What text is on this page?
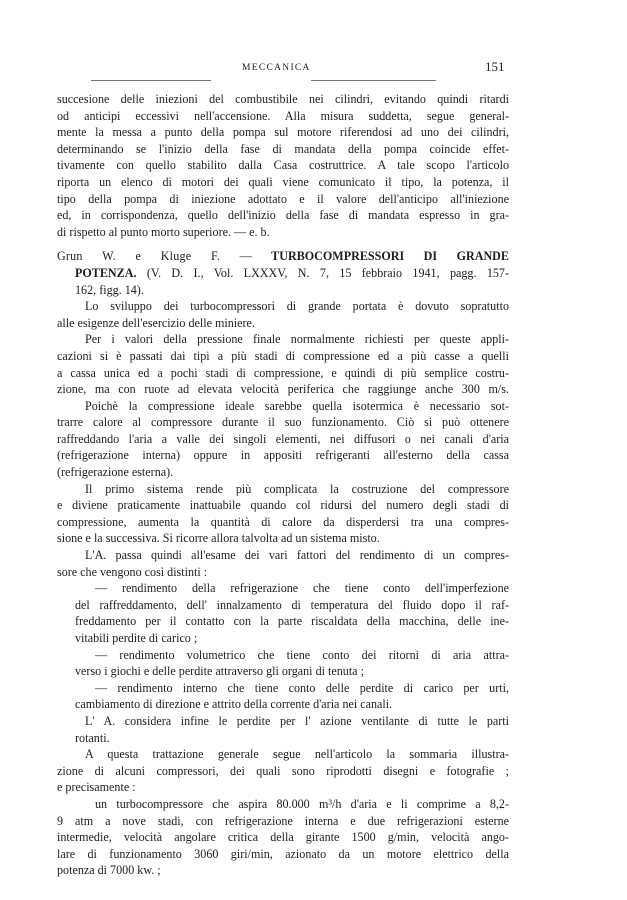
MECCANICA	151
succesione delle iniezioni del combustibile nei cilindri, evitando quindi ritardi
od anticipi eccessivi nell'accensione. Alla misura suddetta, segue general-
mente la messa a punto della pompa sul motore riferendosi ad uno dei cilindri,
determinando se l'inizio della fase di mandata della pompa coincide effet-
tivamente con quello stabilito dalla Casa costruttrice. A tale scopo l'articolo
riporta un elenco di motori dei quali viene comunicato il tipo, la potenza, il
tipo della pompa di iniezione adottato e il valore dell'anticipo all'iniezione
ed, in corrispondenza, quello dell'inizio della fase di mandata espresso in gra-
di rispetto al punto morto superiore. — e. b.
Grun W. e Kluge F. — TURBOCOMPRESSORI DI GRANDE
POTENZA. (V. D. I., Vol. LXXXV, N. 7, 15 febbraio 1941, pagg. 157-
162, figg. 14).
Lo sviluppo dei turbocompressori di grande portata è dovuto sopratutto
alle esigenze dell'esercizio delle miniere.
Per i valori della pressione finale normalmente richiesti per queste appli-
cazioni si è passati dai tipi a più stadi di compressione ed a più casse a quelli
a cassa unica ed a pochi stadi di compressione, e quindi di più semplice costru-
zione, ma con ruote ad elevata velocità periferica che raggiunge anche 300 m/s.
Poichè la compressione ideale sarebbe quella isotermica è necessario sot-
trarre calore al compressore durante il suo funzionamento. Ciò si può ottenere
raffreddando l'aria a valle dei singoli elementi, nei diffusori o nei canali d'aria
(refrigerazione interna) oppure in appositi refrigeranti all'esterno della cassa
(refrigerazione esterna).
Il primo sistema rende più complicata la costruzione del compressore
e diviene praticamente inattuabile quando col ridursi del numero degli stadi di
compressione, aumenta la quantità di calore da disperdersi tra una compres-
sione e la successiva. Si ricorre allora talvolta ad un sistema misto.
L'A. passa quindi all'esame dei vari fattori del rendimento di un compres-
sore che vengono così distinti :
— rendimento della refrigerazione che tiene conto dell'imperfezione
del raffreddamento, dell' innalzamento di temperatura del fluido dopo il raf-
freddamento per il contatto con la parte riscaldata della macchina, delle ine-
vitabili perdite di carico ;
— rendimento volumetrico che tiene conto dei ritorni di aria attra-
verso i giochi e delle perdite attraverso gli organi di tenuta ;
— rendimento interno che tiene conto delle perdite di carico per urti,
cambiamento di direzione e attrito della corrente d'aria nei canali.
L' A. considera infine le perdite per l' azione ventilante di tutte le parti
rotanti.
A questa trattazione generale segue nell'articolo la sommaria illustra-
zione di alcuni compressori, dei quali sono riprodotti disegni e fotografie ;
e precisamente :
un turbocompressore che aspira 80.000 m³/h d'aria e li comprime a 8,2-
9 atm a nove stadi, con refrigerazione interna e due refrigerazioni esterne
intermedie, velocità angolare critica della girante 1500 g/min, velocità ango-
lare di funzionamento 3060 giri/min, azionato da un motore elettrico della
potenza di 7000 kw. ;
